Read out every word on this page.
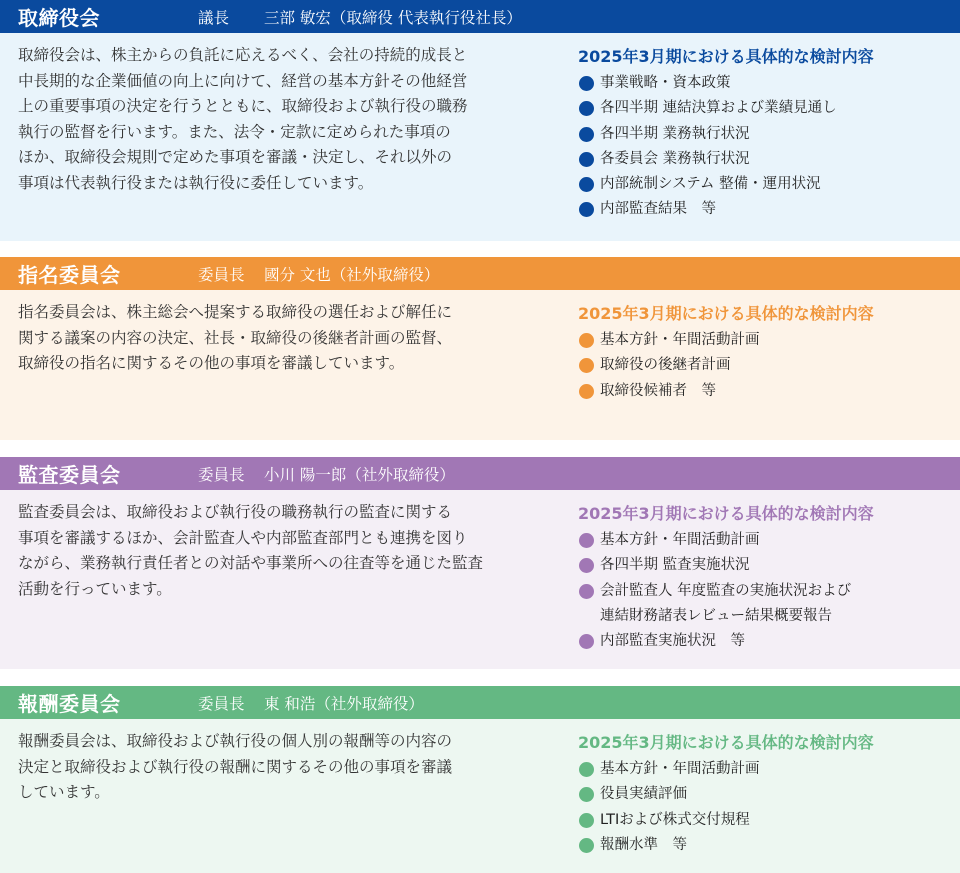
取締役会	議長 三部 敏宏（取締役 代表執行役社長）

取締役会は、株主からの負託に応えるべく、会社の持続的成長と
中長期的な企業価値の向上に向けて、経営の基本方針その他経営
上の重要事項の決定を行うとともに、取締役および執行役の職務
執行の監督を行います。また、法令・定款に定められた事項の
ほか、取締役会規則で定めた事項を審議・決定し、それ以外の
事項は代表執行役または執行役に委任しています。

2025年3月期における具体的な検討内容
事業戦略・資本政策
各四半期 連結決算および業績見通し
各四半期 業務執行状況
各委員会 業務執行状況
内部統制システム 整備・運用状況
内部監査結果　等
指名委員会	委員長 國分 文也（社外取締役）

指名委員会は、株主総会へ提案する取締役の選任および解任に
関する議案の内容の決定、社長・取締役の後継者計画の監督、
取締役の指名に関するその他の事項を審議しています。

2025年3月期における具体的な検討内容
基本方針・年間活動計画
取締役の後継者計画
取締役候補者　等
監査委員会	委員長 小川 陽一郎（社外取締役）

監査委員会は、取締役および執行役の職務執行の監査に関する
事項を審議するほか、会計監査人や内部監査部門とも連携を図り
ながら、業務執行責任者との対話や事業所への往査等を通じた監査
活動を行っています。

2025年3月期における具体的な検討内容
基本方針・年間活動計画
各四半期 監査実施状況
会計監査人 年度監査の実施状況および
連結財務諸表レビュー結果概要報告
内部監査実施状況　等
報酬委員会	委員長 東 和浩（社外取締役）

報酬委員会は、取締役および執行役の個人別の報酬等の内容の
決定と取締役および執行役の報酬に関するその他の事項を審議
しています。

2025年3月期における具体的な検討内容
基本方針・年間活動計画
役員実績評価
LTIおよび株式交付規程
報酬水準　等
